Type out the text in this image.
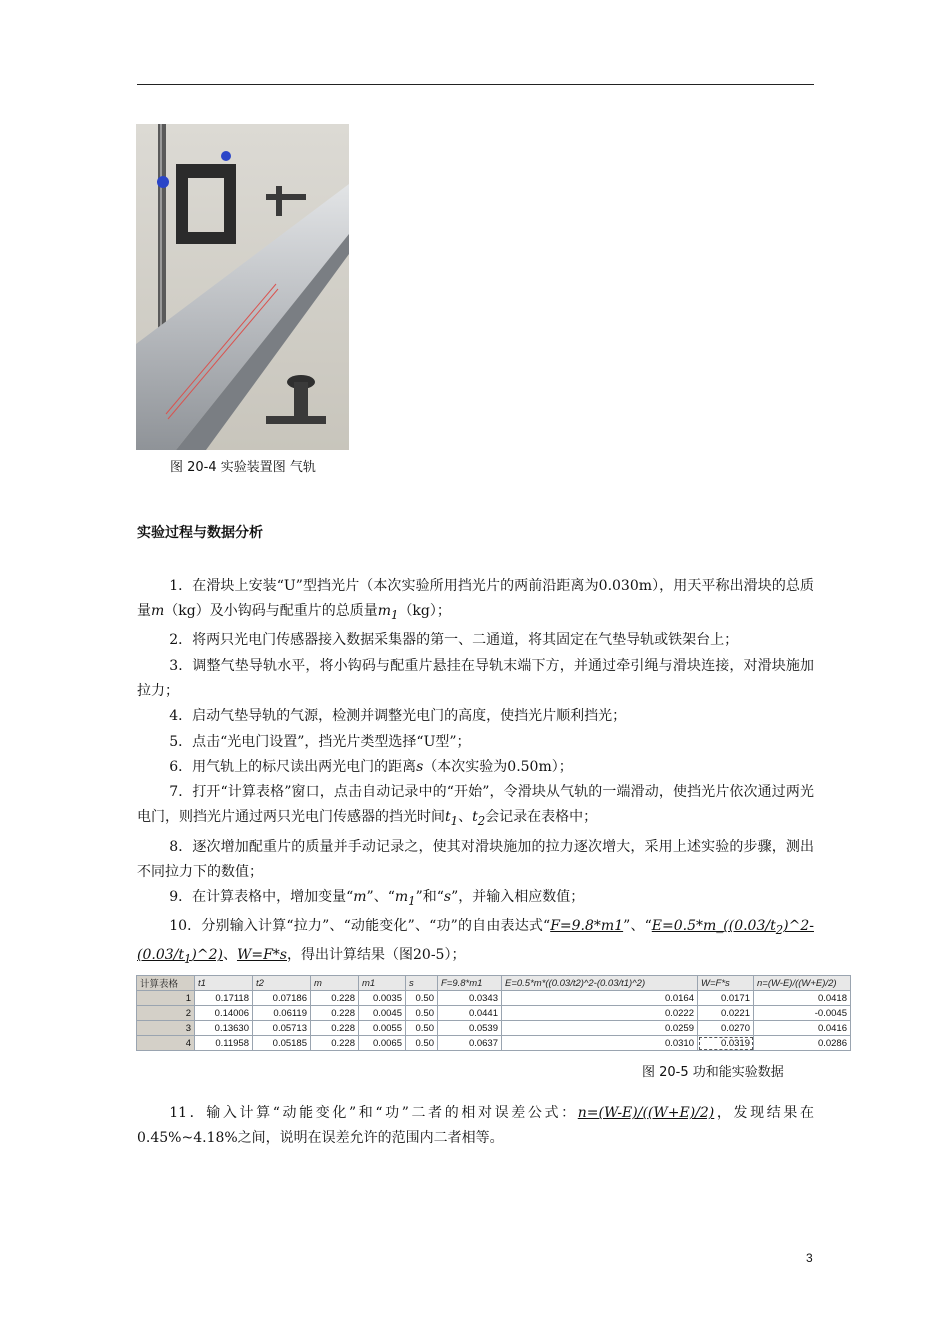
图 20-4 实验装置图 气轨
实验过程与数据分析

1．在滑块上安装“U”型挡光片（本次实验所用挡光片的两前沿距离为0.030m），用天平称出滑块的总质量m（kg）及小钩码与配重片的总质量$m_1(kg)$；

2．将两只光电门传感器接入数据采集器的第一、二通道，将其固定在气垫导轨或铁架台上；

3．调整气垫导轨水平，将小钩码与配重片悬挂在导轨末端下方，并通过牵引绳与滑块连接，对滑块施加拉力；

4．启动气垫导轨的气源，检测并调整光电门的高度，使挡光片顺利挡光；

5．点击“光电门设置”，挡光片类型选择“U型”；

6．用气轨上的标尺读出两光电门的距离s（本次实验为0.50m）；

7．打开“计算表格”窗口，点击自动记录中的“开始”，令滑块从气轨的一端滑动，使挡光片依次通过两光电门，则挡光片通过两只光电门传感器的挡光时间$t_1$、$t_2$会记录在表格中；

8．逐次增加配重片的质量并手动记录之，使其对滑块施加的拉力逐次增大，采用上述实验的步骤，测出不同拉力下的数值；

9．在计算表格中，增加变量“m”、“$m_1$”和“s”，并输入相应数值；

10．分别输入计算“拉力”、“动能变化”、“功”的自由表达式“F=9.8*m1”、“$E=0.5*m\_((0.03/t_2)\^{}2-(0.03/t_1)\^{}2)$、W=F*s，得出计算结果（图20-5）；

计算表格	t1	t2	m	m1	s	F=9.8*m1	E=0.5*m*((0.03/t2)^2-(0.03/t1)^2)	W=F*s	n=(W-E)/((W+E)/2)
1	0.17118	0.07186	0.228	0.0035	0.50	0.0343	0.0164	0.0171	0.0418
2	0.14006	0.06119	0.228	0.0045	0.50	0.0441	0.0222	0.0221	-0.0045
3	0.13630	0.05713	0.228	0.0055	0.50	0.0539	0.0259	0.0270	0.0416
4	0.11958	0.05185	0.228	0.0065	0.50	0.0637	0.0310	0.0319	0.0286
图 20-5 功和能实验数据

11．输入计算“动能变化”和“功”二者的相对误差公式：n=(W-E)/((W+E)/2)，发现结果在0.45%~4.18%之间，说明在误差允许的范围内二者相等。

3
